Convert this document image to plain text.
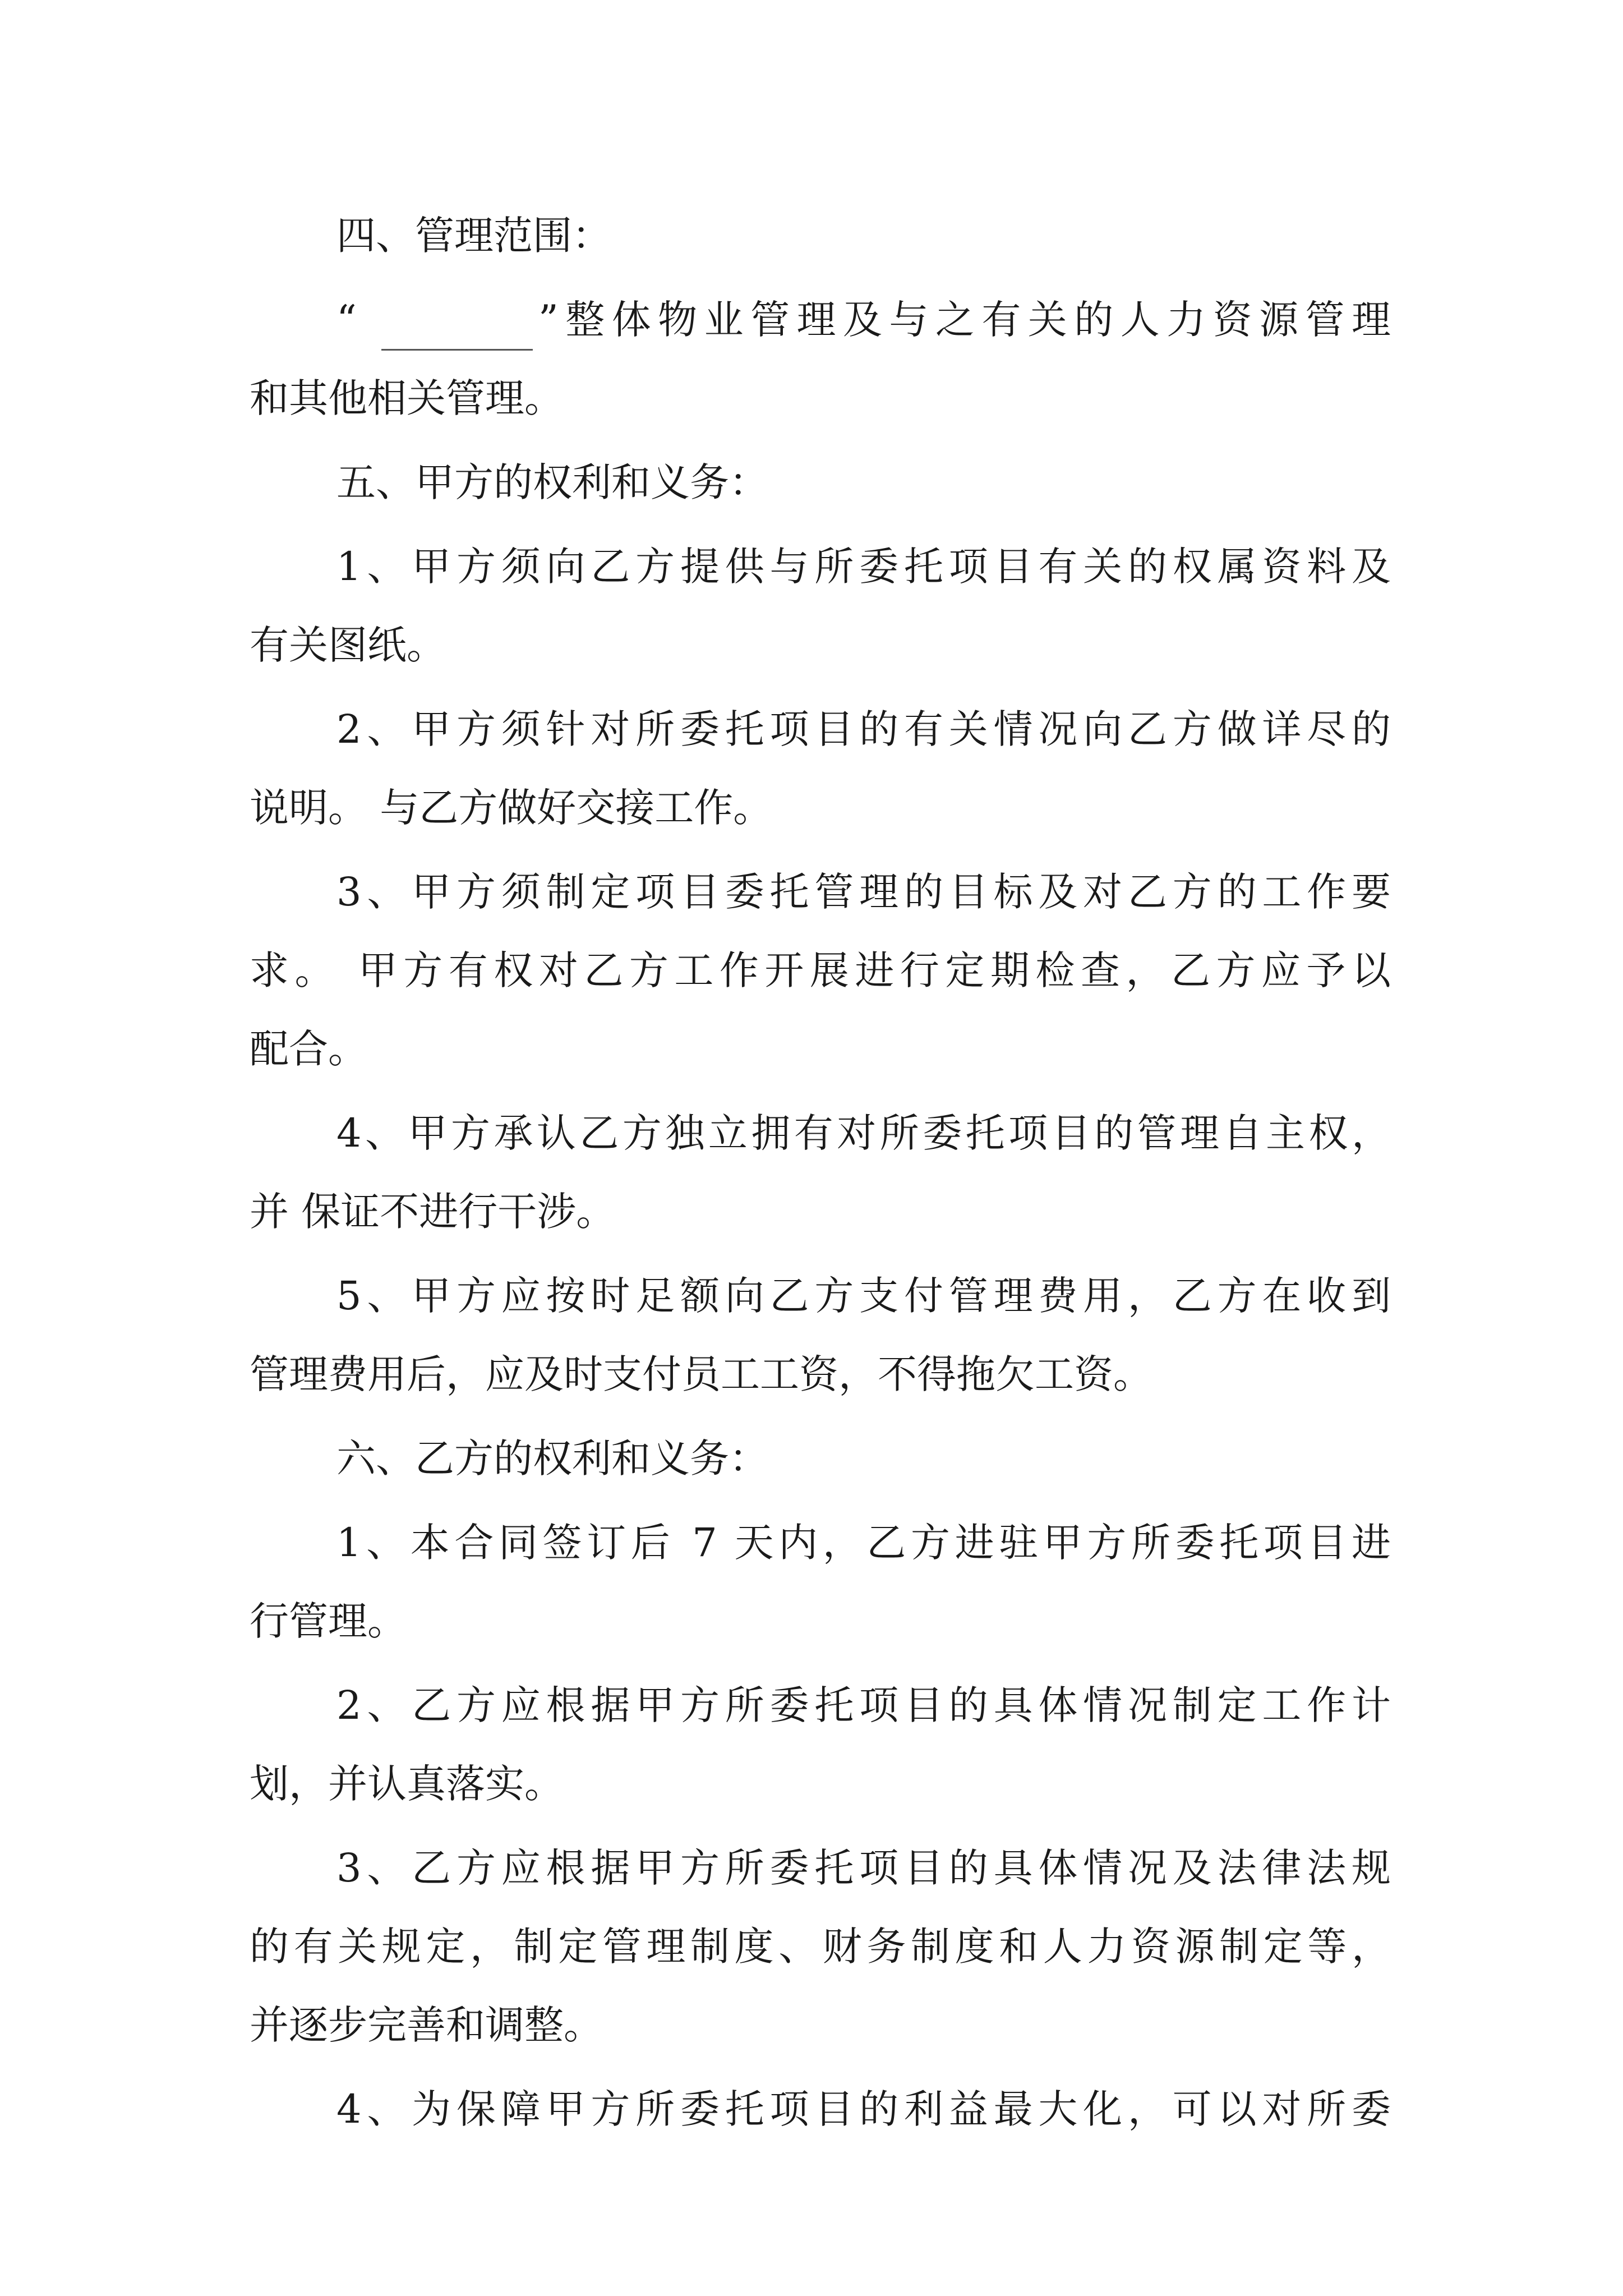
四、管理范围：
“	”整体物业管理及与之有关的人力资源管理
和其他相关管理。
五、甲方的权利和义务：
1、甲方须向乙方提供与所委托项目有关的权属资料及
有关图纸。
2、甲方须针对所委托项目的有关情况向乙方做详尽的
说明。 与乙方做好交接工作。
3、甲方须制定项目委托管理的目标及对乙方的工作要
求。 甲方有权对乙方工作开展进行定期检查，乙方应予以
配合。
4、甲方承认乙方独立拥有对所委托项目的管理自主权，
并 保证不进行干涉。
5、甲方应按时足额向乙方支付管理费用，乙方在收到
管理费用后，应及时支付员工工资，不得拖欠工资。
六、乙方的权利和义务：
1、本合同签订后 7 天内，乙方进驻甲方所委托项目进
行管理。
2、乙方应根据甲方所委托项目的具体情况制定工作计
划，并认真落实。
3、乙方应根据甲方所委托项目的具体情况及法律法规
的有关规定，制定管理制度、财务制度和人力资源制定等，
并逐步完善和调整。
4、为保障甲方所委托项目的利益最大化，可以对所委
